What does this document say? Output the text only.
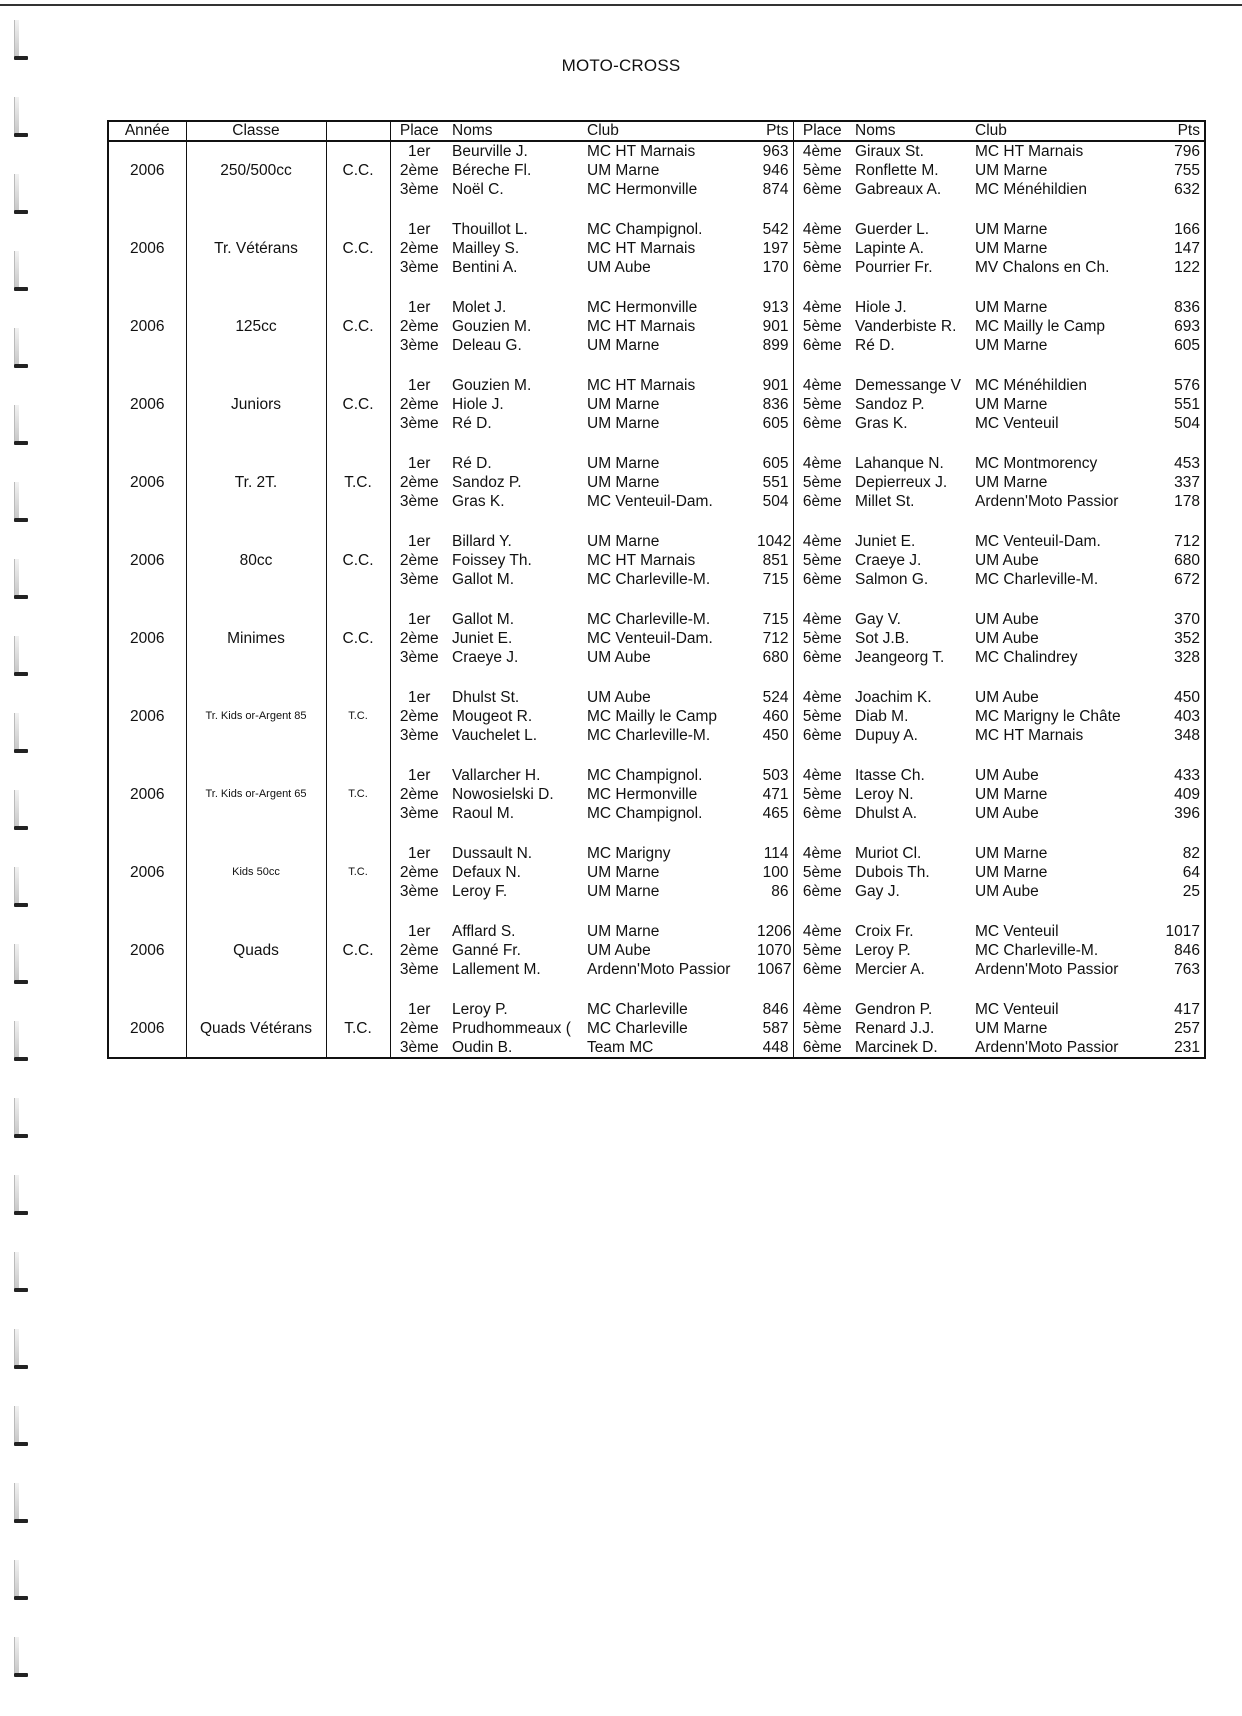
MOTO-CROSS
Année	Classe		Place	Noms	Club	Pts	Place	Noms	Club	Pts
			1er	Beurville J.	MC HT Marnais	963	4ème	Giraux St.	MC HT Marnais	796
2006	250/500cc	C.C.	2ème	Béreche Fl.	UM Marne	946	5ème	Ronflette M.	UM Marne	755
			3ème	Noël C.	MC Hermonville	874	6ème	Gabreaux A.	MC Ménéhildien	632

			1er	Thouillot L.	MC Champignol.	542	4ème	Guerder L.	UM Marne	166
2006	Tr. Vétérans	C.C.	2ème	Mailley S.	MC HT Marnais	197	5ème	Lapinte A.	UM Marne	147
			3ème	Bentini A.	UM Aube	170	6ème	Pourrier Fr.	MV Chalons en Ch.	122

			1er	Molet J.	MC Hermonville	913	4ème	Hiole J.	UM Marne	836
2006	125cc	C.C.	2ème	Gouzien M.	MC HT Marnais	901	5ème	Vanderbiste R.	MC Mailly le Camp	693
			3ème	Deleau G.	UM Marne	899	6ème	Ré D.	UM Marne	605

			1er	Gouzien M.	MC HT Marnais	901	4ème	Demessange V	MC Ménéhildien	576
2006	Juniors	C.C.	2ème	Hiole J.	UM Marne	836	5ème	Sandoz P.	UM Marne	551
			3ème	Ré D.	UM Marne	605	6ème	Gras K.	MC Venteuil	504

			1er	Ré D.	UM Marne	605	4ème	Lahanque N.	MC Montmorency	453
2006	Tr. 2T.	T.C.	2ème	Sandoz P.	UM Marne	551	5ème	Depierreux J.	UM Marne	337
			3ème	Gras K.	MC Venteuil-Dam.	504	6ème	Millet St.	Ardenn'Moto Passior	178

			1er	Billard Y.	UM Marne	1042	4ème	Juniet E.	MC Venteuil-Dam.	712
2006	80cc	C.C.	2ème	Foissey Th.	MC HT Marnais	851	5ème	Craeye J.	UM Aube	680
			3ème	Gallot M.	MC Charleville-M.	715	6ème	Salmon G.	MC Charleville-M.	672

			1er	Gallot M.	MC Charleville-M.	715	4ème	Gay V.	UM Aube	370
2006	Minimes	C.C.	2ème	Juniet E.	MC Venteuil-Dam.	712	5ème	Sot J.B.	UM Aube	352
			3ème	Craeye J.	UM Aube	680	6ème	Jeangeorg T.	MC Chalindrey	328

			1er	Dhulst St.	UM Aube	524	4ème	Joachim K.	UM Aube	450
2006	Tr. Kids or-Argent 85	T.C.	2ème	Mougeot R.	MC Mailly le Camp	460	5ème	Diab M.	MC Marigny le Châte	403
			3ème	Vauchelet L.	MC Charleville-M.	450	6ème	Dupuy A.	MC HT Marnais	348

			1er	Vallarcher H.	MC Champignol.	503	4ème	Itasse Ch.	UM Aube	433
2006	Tr. Kids or-Argent 65	T.C.	2ème	Nowosielski D.	MC Hermonville	471	5ème	Leroy N.	UM Marne	409
			3ème	Raoul M.	MC Champignol.	465	6ème	Dhulst A.	UM Aube	396

			1er	Dussault N.	MC Marigny	114	4ème	Muriot Cl.	UM Marne	82
2006	Kids 50cc	T.C.	2ème	Defaux N.	UM Marne	100	5ème	Dubois Th.	UM Marne	64
			3ème	Leroy F.	UM Marne	86	6ème	Gay J.	UM Aube	25

			1er	Afflard S.	UM Marne	1206	4ème	Croix Fr.	MC Venteuil	1017
2006	Quads	C.C.	2ème	Ganné Fr.	UM Aube	1070	5ème	Leroy P.	MC Charleville-M.	846
			3ème	Lallement M.	Ardenn'Moto Passior	1067	6ème	Mercier A.	Ardenn'Moto Passior	763

			1er	Leroy P.	MC Charleville	846	4ème	Gendron P.	MC Venteuil	417
2006	Quads Vétérans	T.C.	2ème	Prudhommeaux (	MC Charleville	587	5ème	Renard J.J.	UM Marne	257
			3ème	Oudin B.	Team MC	448	6ème	Marcinek D.	Ardenn'Moto Passior	231
